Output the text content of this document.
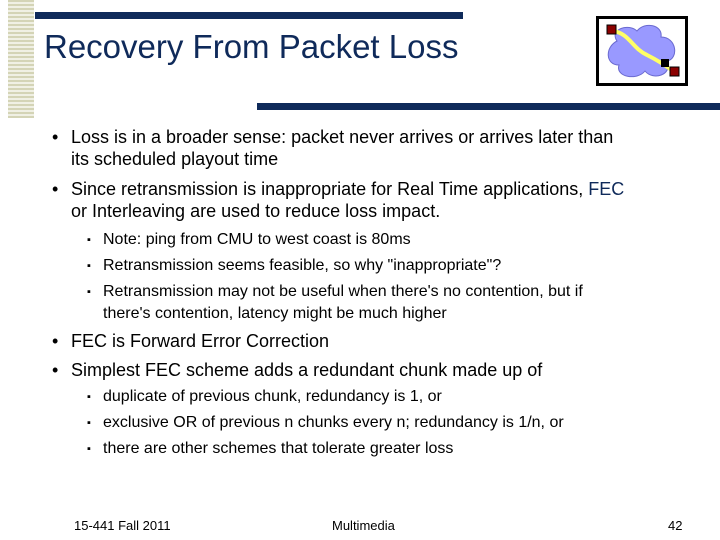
Recovery From Packet Loss
• Loss is in a broader sense: packet never arrives or arrives later than
its scheduled playout time
• Since retransmission is inappropriate for Real Time applications, FEC
or Interleaving are used to reduce loss impact.
▪ Note: ping from CMU to west coast is 80ms
▪ Retransmission seems feasible, so why "inappropriate"?
▪ Retransmission may not be useful when there's no contention, but if
there's contention, latency might be much higher
• FEC is Forward Error Correction
• Simplest FEC scheme adds a redundant chunk made up of
▪ duplicate of previous chunk, redundancy is 1, or
▪ exclusive OR of previous n chunks every n; redundancy is 1/n, or
▪ there are other schemes that tolerate greater loss
15-441 Fall 2011	Multimedia	42
